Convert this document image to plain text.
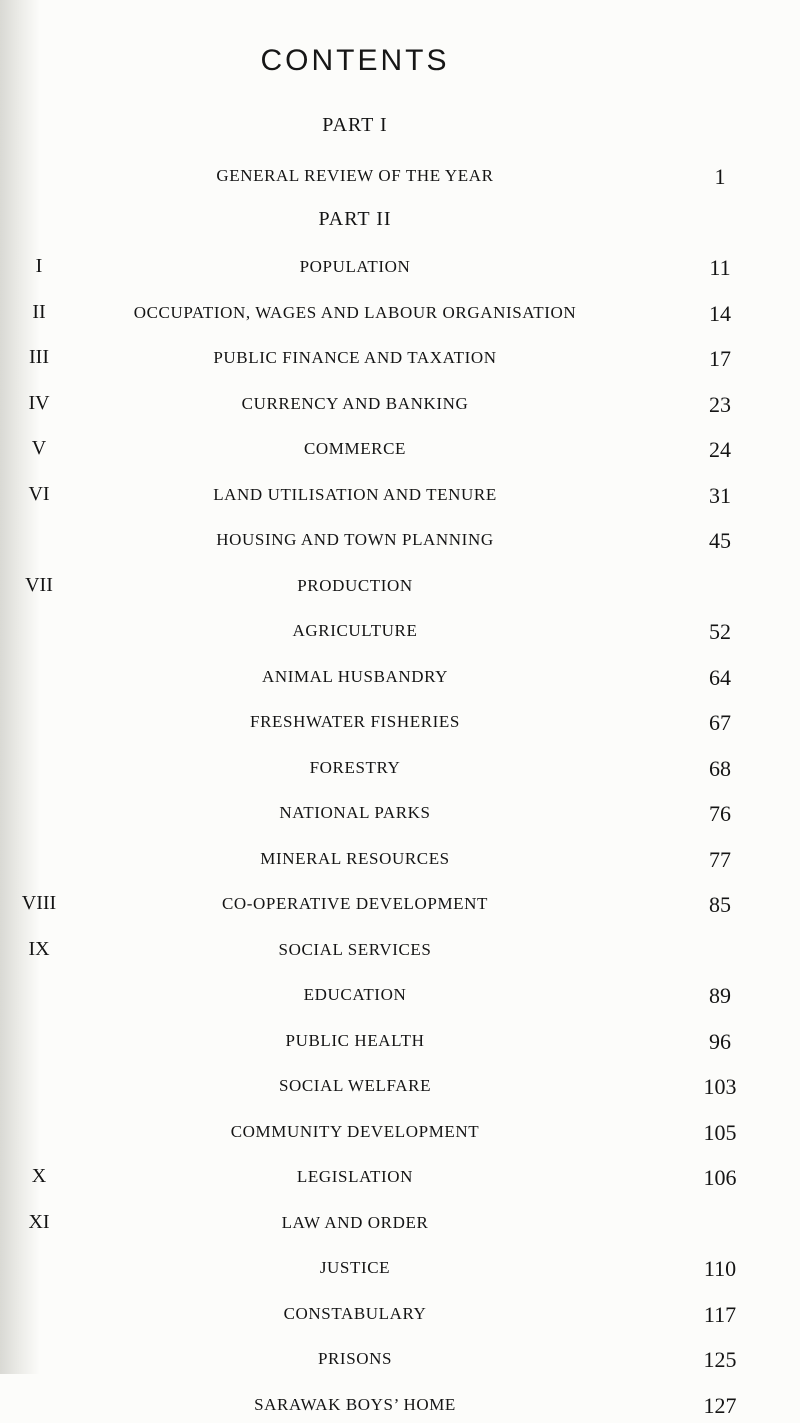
CONTENTS
PART I
GENERAL REVIEW OF THE YEAR	1
PART II
I	POPULATION	11
II	OCCUPATION, WAGES AND LABOUR ORGANISATION	14
III	PUBLIC FINANCE AND TAXATION	17
IV	CURRENCY AND BANKING	23
V	COMMERCE	24
VI	LAND UTILISATION AND TENURE	31
HOUSING AND TOWN PLANNING	45
VII	PRODUCTION
AGRICULTURE	52
ANIMAL HUSBANDRY	64
FRESHWATER FISHERIES	67
FORESTRY	68
NATIONAL PARKS	76
MINERAL RESOURCES	77
VIII	CO-OPERATIVE DEVELOPMENT	85
IX	SOCIAL SERVICES
EDUCATION	89
PUBLIC HEALTH	96
SOCIAL WELFARE	103
COMMUNITY DEVELOPMENT	105
X	LEGISLATION	106
XI	LAW AND ORDER
JUSTICE	110
CONSTABULARY	117
PRISONS	125
SARAWAK BOYS’ HOME	127
